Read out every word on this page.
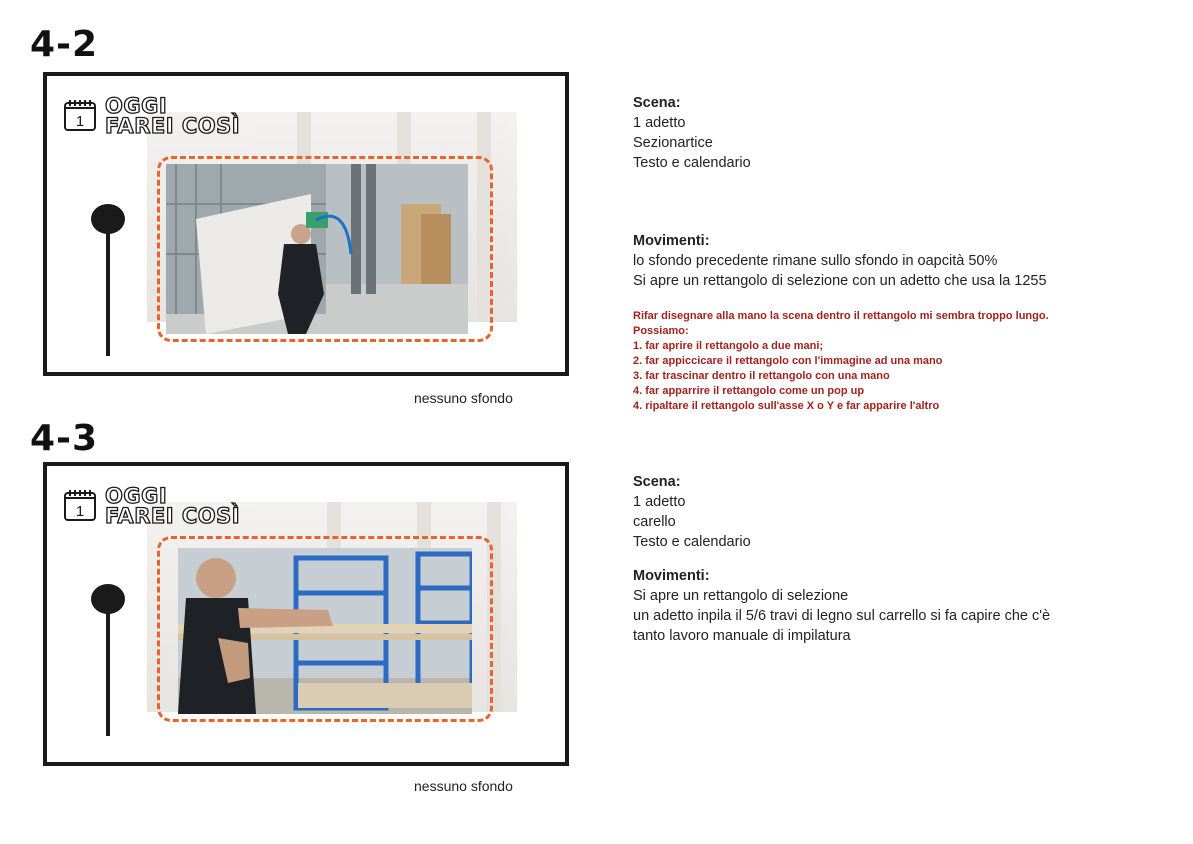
4-2
1
OGGI
FAREI COSÌ
nessuno sfondo
Scena:
1 adetto
Sezionartice
Testo e calendario
Movimenti:
lo sfondo precedente rimane sullo sfondo in oapcità 50%
Si apre un rettangolo di selezione con un adetto che usa la 1255
Rifar disegnare alla mano la scena dentro il rettangolo mi sembra troppo lungo.
Possiamo:
1. far aprire il rettangolo a due mani;
2. far appiccicare il rettangolo con l'immagine ad una mano
3. far trascinar dentro il rettangolo con una mano
4. far apparrire il rettangolo come un pop up
4. ripaltare il rettangolo sull'asse X o Y e far apparire l'altro
4-3
1
OGGI
FAREI COSÌ
nessuno sfondo
Scena:
1 adetto
carello
Testo e calendario
Movimenti:
Si apre un rettangolo di selezione
un adetto inpila il 5/6 travi di legno sul carrello si fa capire che c'è
tanto lavoro manuale di impilatura
